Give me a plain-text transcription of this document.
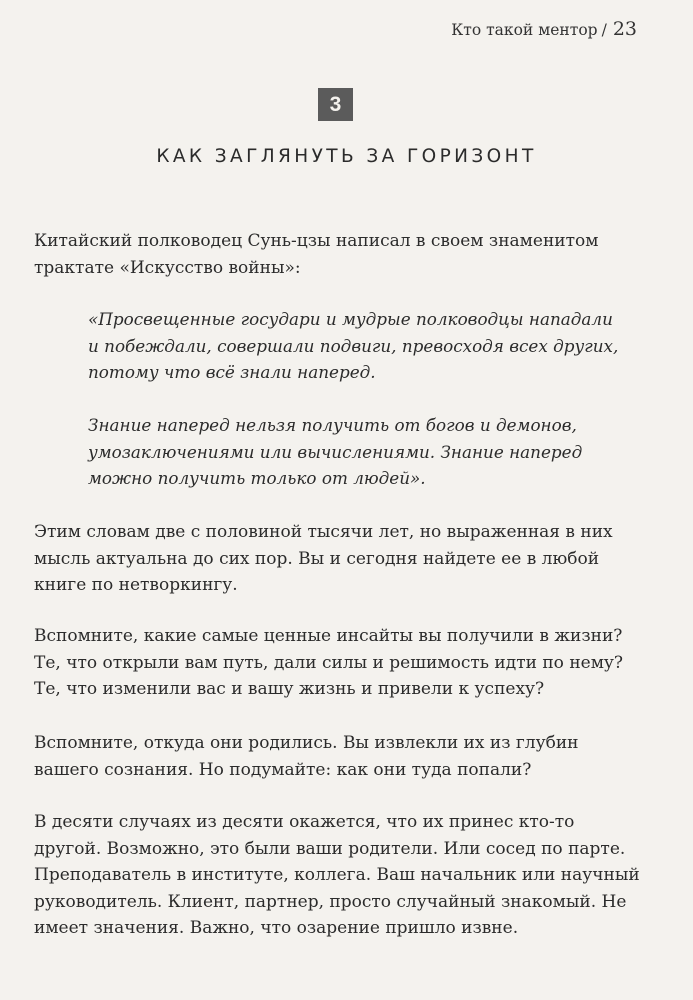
Кто такой ментор / 23
3
КАК ЗАГЛЯНУТЬ ЗА ГОРИЗОНТ

Китайский полководец Сунь-цзы написал в своем знаменитом трактате «Искусство войны»:

«Просвещенные государи и мудрые полководцы нападали и побеждали, совершали подвиги, превосходя всех других, потому что всё знали наперед.

Знание наперед нельзя получить от богов и демонов, умозаключениями или вычислениями. Знание наперед можно получить только от людей».

Этим словам две с половиной тысячи лет, но выраженная в них мысль актуальна до сих пор. Вы и сегодня найдете ее в любой книге по нетворкингу.

Вспомните, какие самые ценные инсайты вы получили в жизни? Те, что открыли вам путь, дали силы и решимость идти по нему? Те, что изменили вас и вашу жизнь и привели к успеху?

Вспомните, откуда они родились. Вы извлекли их из глубин вашего сознания. Но подумайте: как они туда попали?

В десяти случаях из десяти окажется, что их принес кто-то другой. Возможно, это были ваши родители. Или сосед по парте. Преподаватель в институте, коллега. Ваш начальник или научный руководитель. Клиент, партнер, просто случайный знакомый. Не имеет значения. Важно, что озарение пришло извне.
